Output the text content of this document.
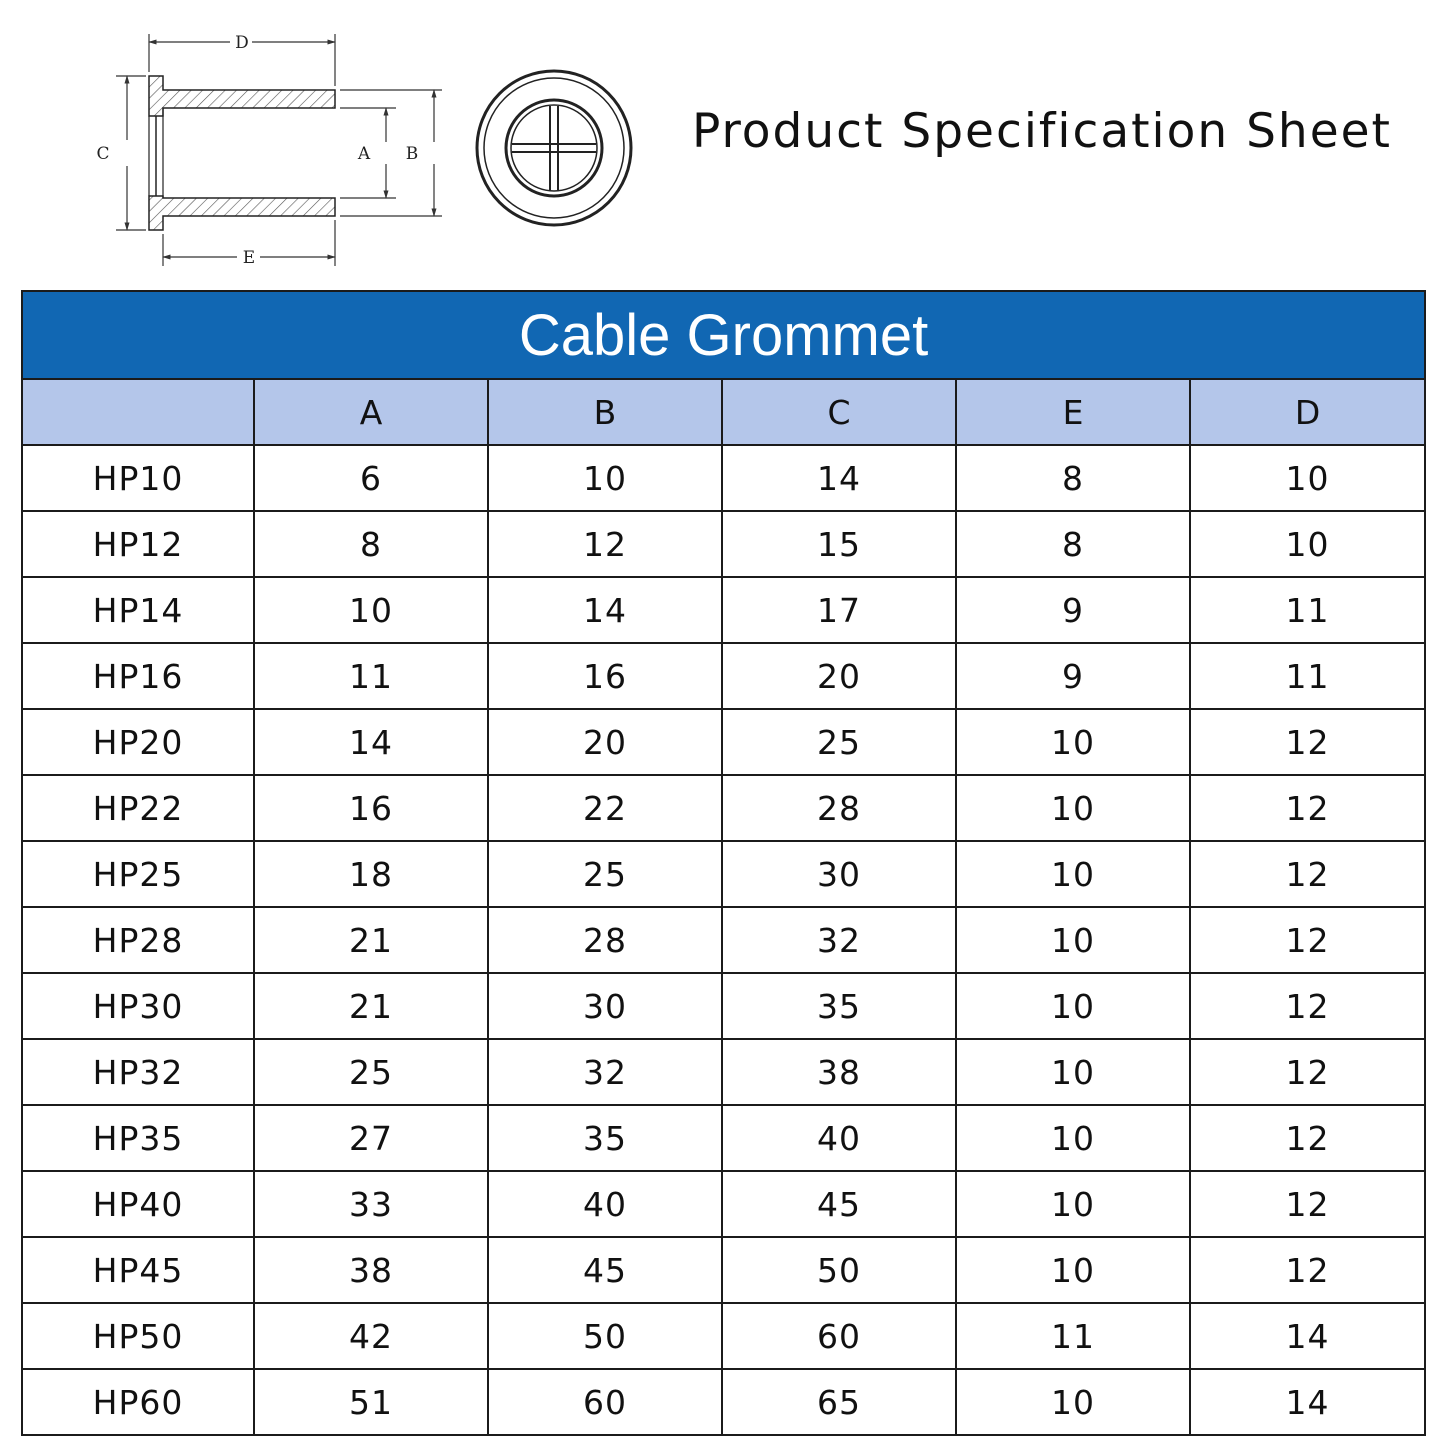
D
E
C	A B	Product Specification Sheet
Cable Grommet					
	A	B	C	E	D
HP10	6	10	14	8	10
HP12	8	12	15	8	10
HP14	10	14	17	9	11
HP16	11	16	20	9	11
HP20	14	20	25	10	12
HP22	16	22	28	10	12
HP25	18	25	30	10	12
HP28	21	28	32	10	12
HP30	21	30	35	10	12
HP32	25	32	38	10	12
HP35	27	35	40	10	12
HP40	33	40	45	10	12
HP45	38	45	50	10	12
HP50	42	50	60	11	14
HP60	51	60	65	10	14
